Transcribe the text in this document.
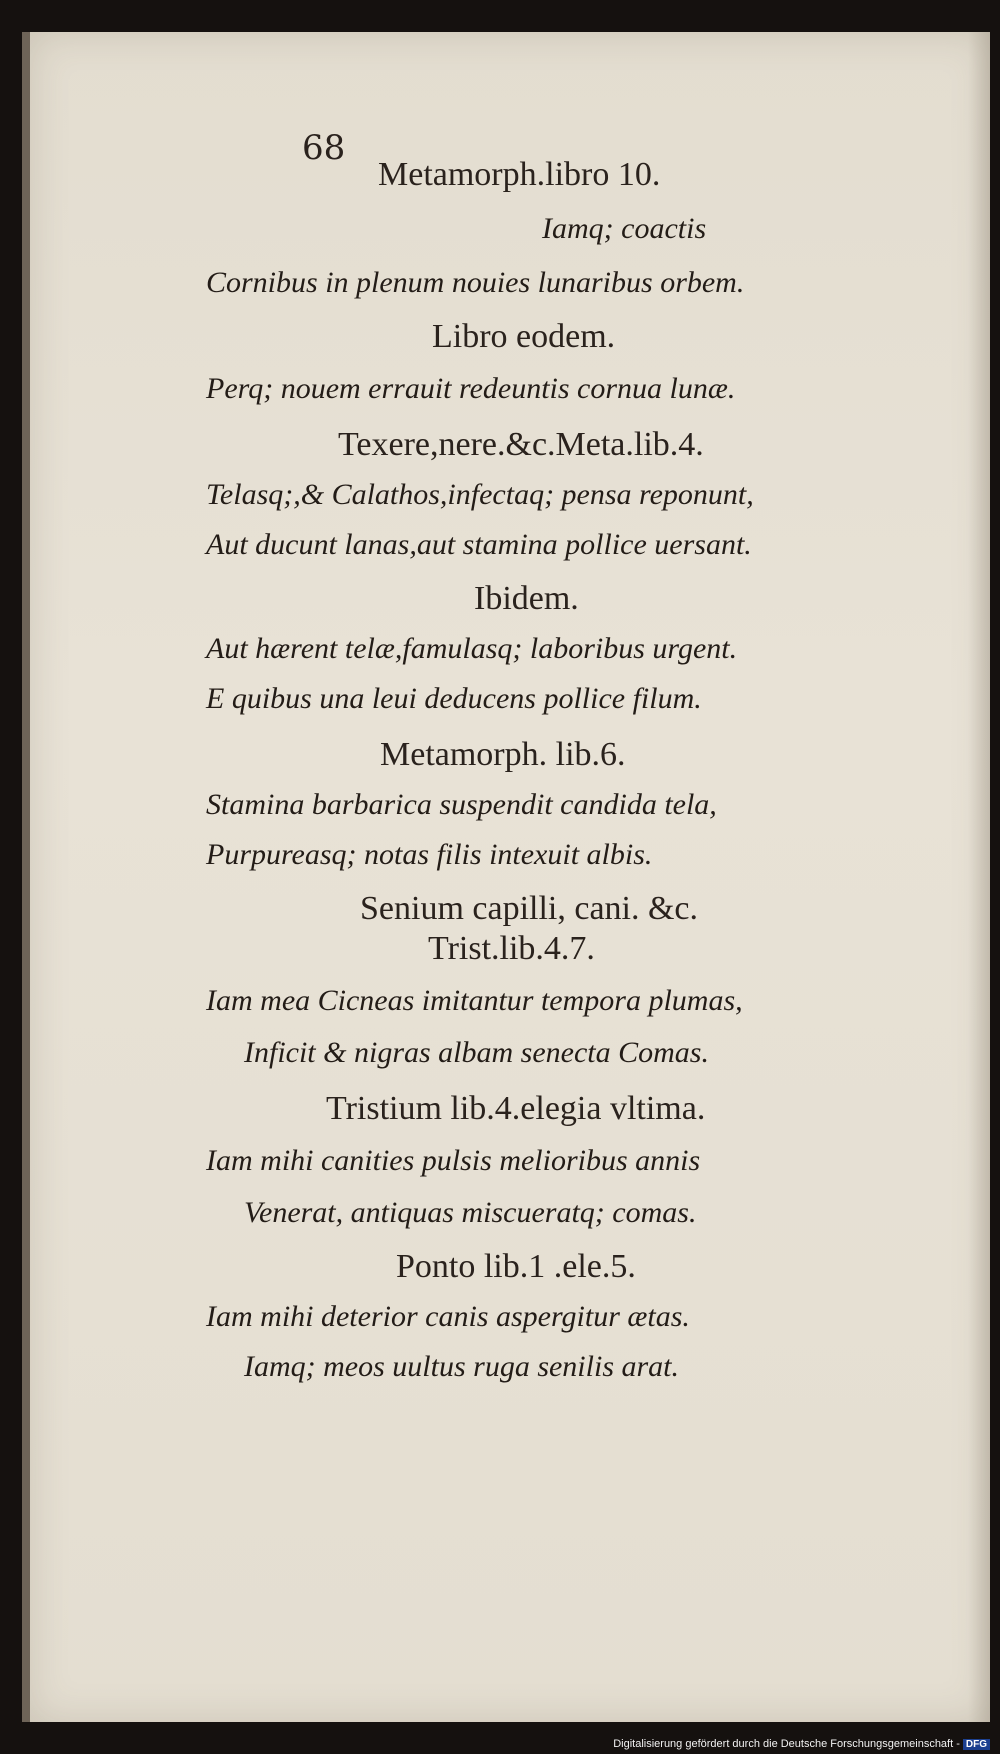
68
Metamorph.libro 10.
Iamq; coactis
Cornibus in plenum nouies lunaribus orbem.
Libro eodem.
Perq; nouem errauit redeuntis cornua lunæ.
Texere,nere.&c.Meta.lib.4.
Telasq;,& Calathos,infectaq; pensa reponunt,
Aut ducunt lanas,aut stamina pollice uersant.
Ibidem.
Aut hærent telæ,famulasq; laboribus urgent.
E quibus una leui deducens pollice filum.
Metamorph. lib.6.
Stamina barbarica suspendit candida tela,
Purpureasq; notas filis intexuit albis.
Senium capilli, cani. &c.
Trist.lib.4.7.
Iam mea Cicneas imitantur tempora plumas,
Inficit & nigras albam senecta Comas.
Tristium lib.4.elegia vltima.
Iam mihi canities pulsis melioribus annis
Venerat, antiquas miscueratq; comas.
Ponto lib.1 .ele.5.
Iam mihi deterior canis aspergitur ætas.
Iamq; meos uultus ruga senilis arat.
Digitalisierung gefördert durch die Deutsche Forschungsgemeinschaft - DFG
